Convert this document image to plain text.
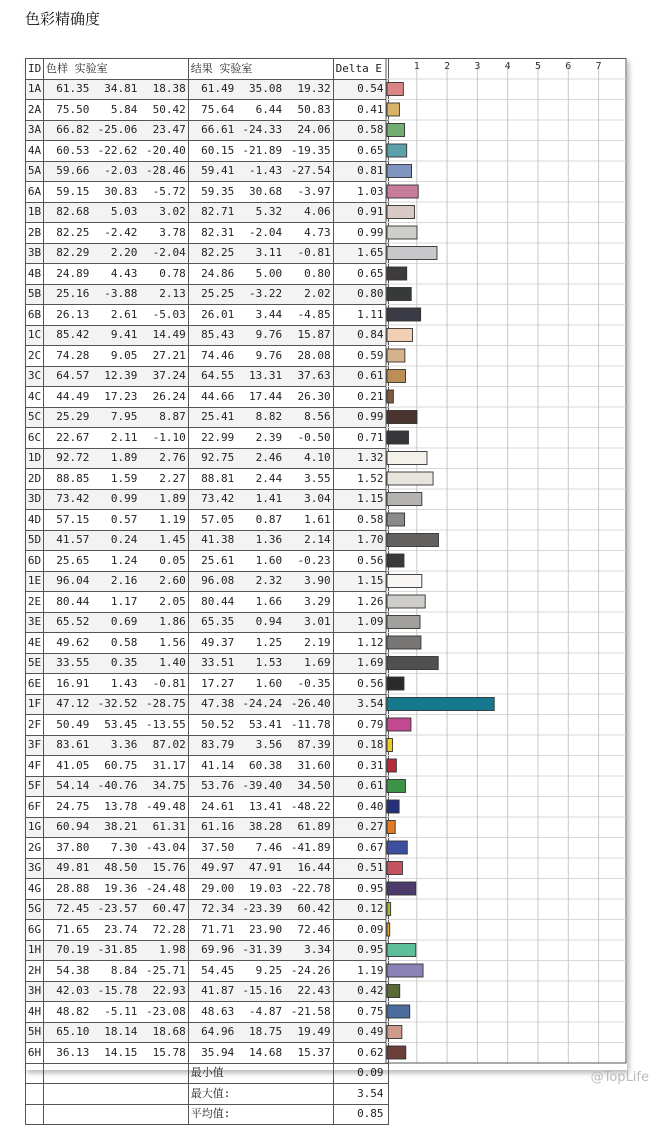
色彩精确度
ID	色样 实验室			结果 实验室			Delta E	
1A	61.35	34.81	18.38	61.49	35.08	19.32	0.54	
2A	75.50	5.84	50.42	75.64	6.44	50.83	0.41	
3A	66.82	-25.06	23.47	66.61	-24.33	24.06	0.58	
4A	60.53	-22.62	-20.40	60.15	-21.89	-19.35	0.65	
5A	59.66	-2.03	-28.46	59.41	-1.43	-27.54	0.81	
6A	59.15	30.83	-5.72	59.35	30.68	-3.97	1.03	
1B	82.68	5.03	3.02	82.71	5.32	4.06	0.91	
2B	82.25	-2.42	3.78	82.31	-2.04	4.73	0.99	
3B	82.29	2.20	-2.04	82.25	3.11	-0.81	1.65	
4B	24.89	4.43	0.78	24.86	5.00	0.80	0.65	
5B	25.16	-3.88	2.13	25.25	-3.22	2.02	0.80	
6B	26.13	2.61	-5.03	26.01	3.44	-4.85	1.11	
1C	85.42	9.41	14.49	85.43	9.76	15.87	0.84	
2C	74.28	9.05	27.21	74.46	9.76	28.08	0.59	
3C	64.57	12.39	37.24	64.55	13.31	37.63	0.61	
4C	44.49	17.23	26.24	44.66	17.44	26.30	0.21	
5C	25.29	7.95	8.87	25.41	8.82	8.56	0.99	
6C	22.67	2.11	-1.10	22.99	2.39	-0.50	0.71	
1D	92.72	1.89	2.76	92.75	2.46	4.10	1.32	
2D	88.85	1.59	2.27	88.81	2.44	3.55	1.52	
3D	73.42	0.99	1.89	73.42	1.41	3.04	1.15	
4D	57.15	0.57	1.19	57.05	0.87	1.61	0.58	
5D	41.57	0.24	1.45	41.38	1.36	2.14	1.70	
6D	25.65	1.24	0.05	25.61	1.60	-0.23	0.56	
1E	96.04	2.16	2.60	96.08	2.32	3.90	1.15	
2E	80.44	1.17	2.05	80.44	1.66	3.29	1.26	
3E	65.52	0.69	1.86	65.35	0.94	3.01	1.09	
4E	49.62	0.58	1.56	49.37	1.25	2.19	1.12	
5E	33.55	0.35	1.40	33.51	1.53	1.69	1.69	
6E	16.91	1.43	-0.81	17.27	1.60	-0.35	0.56	
1F	47.12	-32.52	-28.75	47.38	-24.24	-26.40	3.54	
2F	50.49	53.45	-13.55	50.52	53.41	-11.78	0.79	
3F	83.61	3.36	87.02	83.79	3.56	87.39	0.18	
4F	41.05	60.75	31.17	41.14	60.38	31.60	0.31	
5F	54.14	-40.76	34.75	53.76	-39.40	34.50	0.61	
6F	24.75	13.78	-49.48	24.61	13.41	-48.22	0.40	
1G	60.94	38.21	61.31	61.16	38.28	61.89	0.27	
2G	37.80	7.30	-43.04	37.50	7.46	-41.89	0.67	
3G	49.81	48.50	15.76	49.97	47.91	16.44	0.51	
4G	28.88	19.36	-24.48	29.00	19.03	-22.78	0.95	
5G	72.45	-23.57	60.47	72.34	-23.39	60.42	0.12	
6G	71.65	23.74	72.28	71.71	23.90	72.46	0.09	
1H	70.19	-31.85	1.98	69.96	-31.39	3.34	0.95	
2H	54.38	8.84	-25.71	54.45	9.25	-24.26	1.19	
3H	42.03	-15.78	22.93	41.87	-15.16	22.43	0.42	
4H	48.82	-5.11	-23.08	48.63	-4.87	-21.58	0.75	
5H	65.10	18.14	18.68	64.96	18.75	19.49	0.49	
6H	36.13	14.15	15.78	35.94	14.68	15.37	0.62	
				最小值			0.09	
				最大值:			3.54	
				平均值:			0.85	
1 2 3 4 5 6 7
@TopLife
